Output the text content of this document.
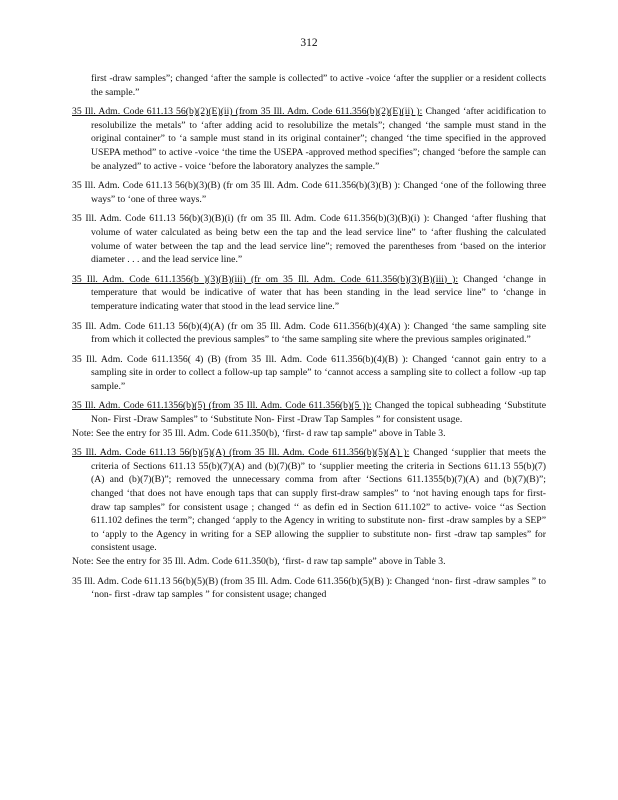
312

first -draw samples”; changed ‘after the sample is collected” to active -voice ‘after the supplier or a resident collects the sample.”

35 Ill. Adm. Code 611.13 56(b)(2)(E)(ii) (from 35 Ill. Adm. Code 611.356(b)(2)(E)(ii) ): Changed ‘after acidification to resolubilize the metals” to ‘after adding acid to resolubilize the metals”; changed ‘the sample must stand in the original container” to ‘a sample must stand in its original container”; changed ‘the time specified in the approved USEPA method” to active -voice ‘the time the USEPA -approved method specifies”; changed ‘before the sample can be analyzed” to active - voice ‘before the laboratory analyzes the sample.”

35 Ill. Adm. Code 611.13 56(b)(3)(B) (fr om 35 Ill. Adm. Code 611.356(b)(3)(B) ): Changed ‘one of the following three ways” to ‘one of three ways.”

35 Ill. Adm. Code 611.13 56(b)(3)(B)(i) (fr om 35 Ill. Adm. Code 611.356(b)(3)(B)(i) ): Changed ‘after flushing that volume of water calculated as being betw een the tap and the lead service line” to ‘after flushing the calculated volume of water between the tap and the lead service line”; removed the parentheses from ‘based on the interior diameter . . . and the lead service line.”

35 Ill. Adm. Code 611.1356(b )(3)(B)(iii) (fr om 35 Ill. Adm. Code 611.356(b)(3)(B)(iii) ): Changed ‘change in temperature that would be indicative of water that has been standing in the lead service line” to ‘change in temperature indicating water that stood in the lead service line.”

35 Ill. Adm. Code 611.13 56(b)(4)(A) (fr om 35 Ill. Adm. Code 611.356(b)(4)(A) ): Changed ‘the same sampling site from which it collected the previous samples” to ‘the same sampling site where the previous samples originated.”

35 Ill. Adm. Code 611.1356( 4) (B) (from 35 Ill. Adm. Code 611.356(b)(4)(B) ): Changed ‘cannot gain entry to a sampling site in order to collect a follow-up tap sample” to ‘cannot access a sampling site to collect a follow -up tap sample.”

35 Ill. Adm. Code 611.1356(b)(5) (from 35 Ill. Adm. Code 611.356(b)(5 )): Changed the topical subheading ‘Substitute Non- First -Draw Samples” to ‘Substitute Non- First -Draw Tap Samples ” for consistent usage.
Note: See the entry for 35 Ill. Adm. Code 611.350(b), ‘first- d raw tap sample” above in Table 3.

35 Ill. Adm. Code 611.13 56(b)(5)(A) (from 35 Ill. Adm. Code 611.356(b)(5)(A) ): Changed ‘supplier that meets the criteria of Sections 611.13 55(b)(7)(A) and (b)(7)(B)” to ‘supplier meeting the criteria in Sections 611.13 55(b)(7)(A) and (b)(7)(B)”; removed the unnecessary comma from after ‘Sections 611.1355(b)(7)(A) and (b)(7)(B)”; changed ‘that does not have enough taps that can supply first-draw samples” to ‘not having enough taps for first- draw tap samples” for consistent usage ; changed ‘‘ as defin ed in Section 611.102” to active- voice ‘‘as Section 611.102 defines the term”; changed ‘apply to the Agency in writing to substitute non- first -draw samples by a SEP” to ‘apply to the Agency in writing for a SEP allowing the supplier to substitute non- first -draw tap samples” for consistent usage.
Note: See the entry for 35 Ill. Adm. Code 611.350(b), ‘first- d raw tap sample” above in Table 3.

35 Ill. Adm. Code 611.13 56(b)(5)(B) (from 35 Ill. Adm. Code 611.356(b)(5)(B) ): Changed ‘non- first -draw samples ” to ‘non- first -draw tap samples ” for consistent usage; changed
